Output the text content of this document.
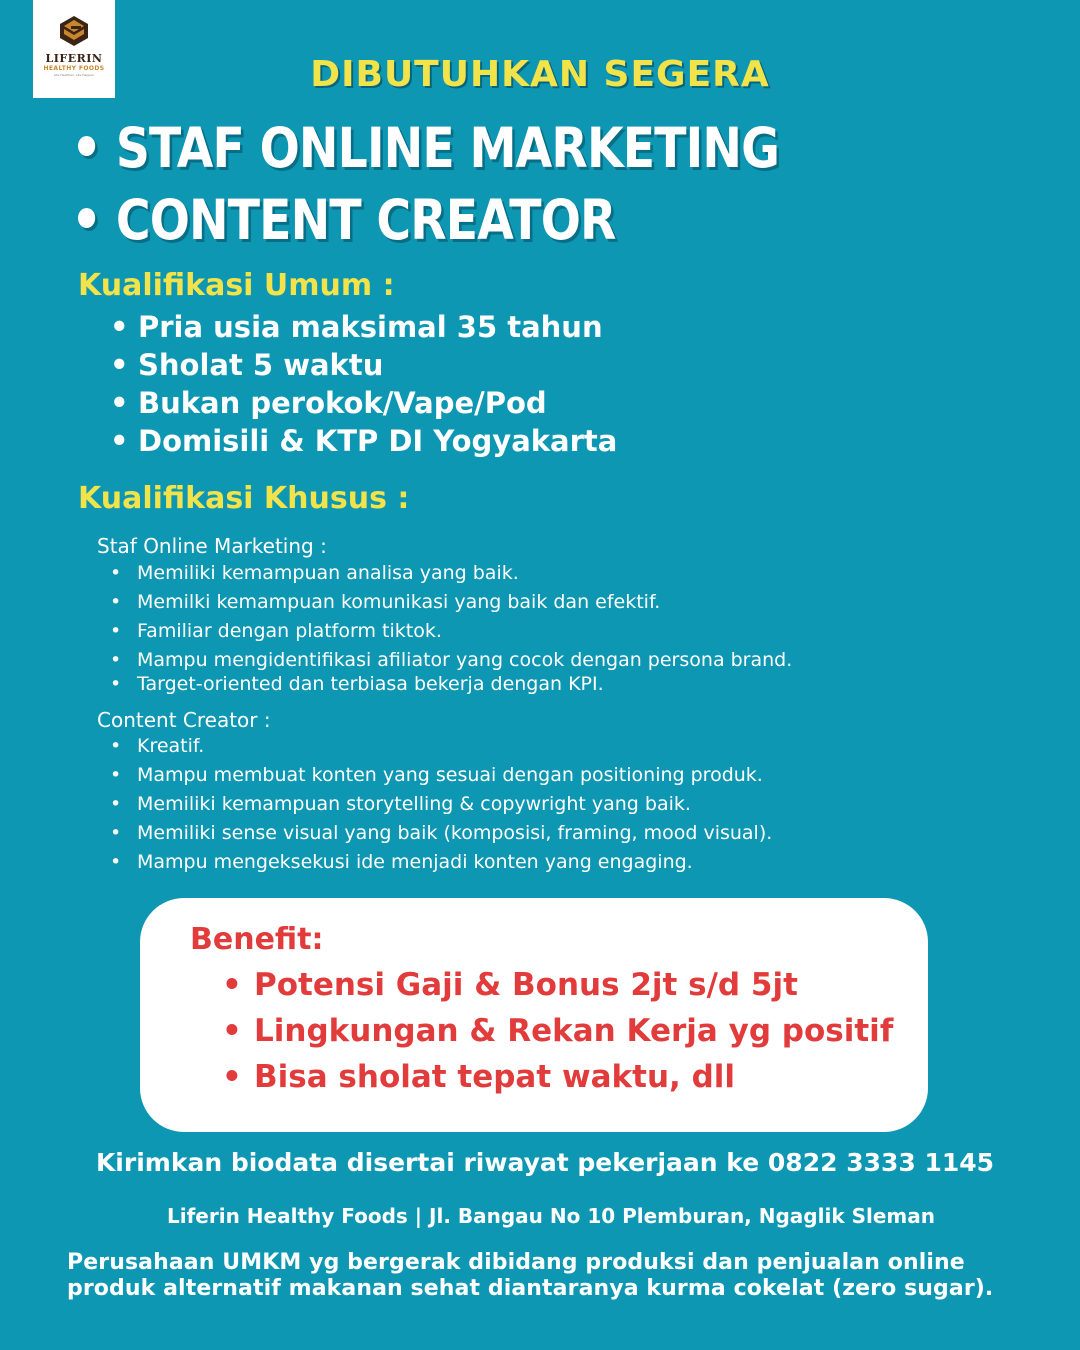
LIFERIN
HEALTHY FOODS
Life Healthier, Life Happier	DIBUTUHKAN SEGERA
STAF ONLINE MARKETING
CONTENT CREATOR
Kualifikasi Umum :
• Pria usia maksimal 35 tahun
• Sholat 5 waktu
• Bukan perokok/Vape/Pod
• Domisili & KTP DI Yogyakarta
Kualifikasi Khusus :
Staf Online Marketing :
• Memiliki kemampuan analisa yang baik.
• Memilki kemampuan komunikasi yang baik dan efektif.
• Familiar dengan platform tiktok.
• Mampu mengidentifikasi afiliator yang cocok dengan persona brand.
• Target-oriented dan terbiasa bekerja dengan KPI.
Content Creator :
• Kreatif.
• Mampu membuat konten yang sesuai dengan positioning produk.
• Memiliki kemampuan storytelling & copywright yang baik.
• Memiliki sense visual yang baik (komposisi, framing, mood visual).
• Mampu mengeksekusi ide menjadi konten yang engaging.
Benefit:
• Potensi Gaji & Bonus 2jt s/d 5jt
• Lingkungan & Rekan Kerja yg positif
• Bisa sholat tepat waktu, dll
Kirimkan biodata disertai riwayat pekerjaan ke 0822 3333 1145
Liferin Healthy Foods | Jl. Bangau No 10 Plemburan, Ngaglik Sleman
Perusahaan UMKM yg bergerak dibidang produksi dan penjualan online
produk alternatif makanan sehat diantaranya kurma cokelat (zero sugar).
